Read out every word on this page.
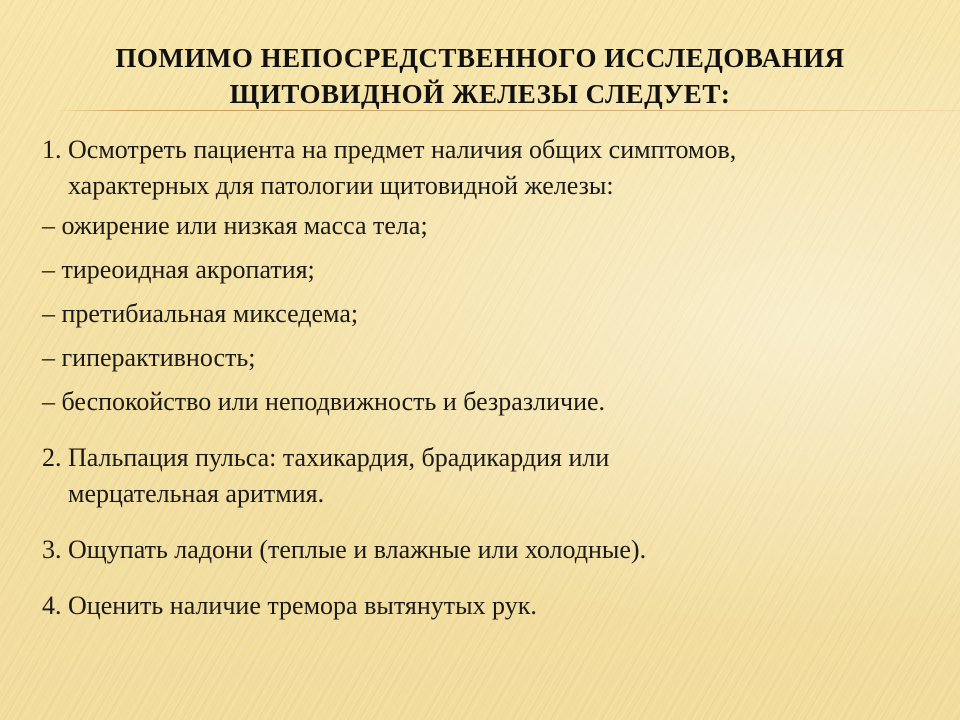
ПОМИМО НЕПОСРЕДСТВЕННОГО ИССЛЕДОВАНИЯ
ЩИТОВИДНОЙ ЖЕЛЕЗЫ СЛЕДУЕТ:

1. Осмотреть пациента на предмет наличия общих симптомов,
характерных для патологии щитовидной железы:

– ожирение или низкая масса тела;

– тиреоидная акропатия;

– претибиальная микседема;

– гиперактивность;

– беспокойство или неподвижность и безразличие.

2. Пальпация пульса: тахикардия, брадикардия или
мерцательная аритмия.

3. Ощупать ладони (теплые и влажные или холодные).

4. Оценить наличие тремора вытянутых рук.
